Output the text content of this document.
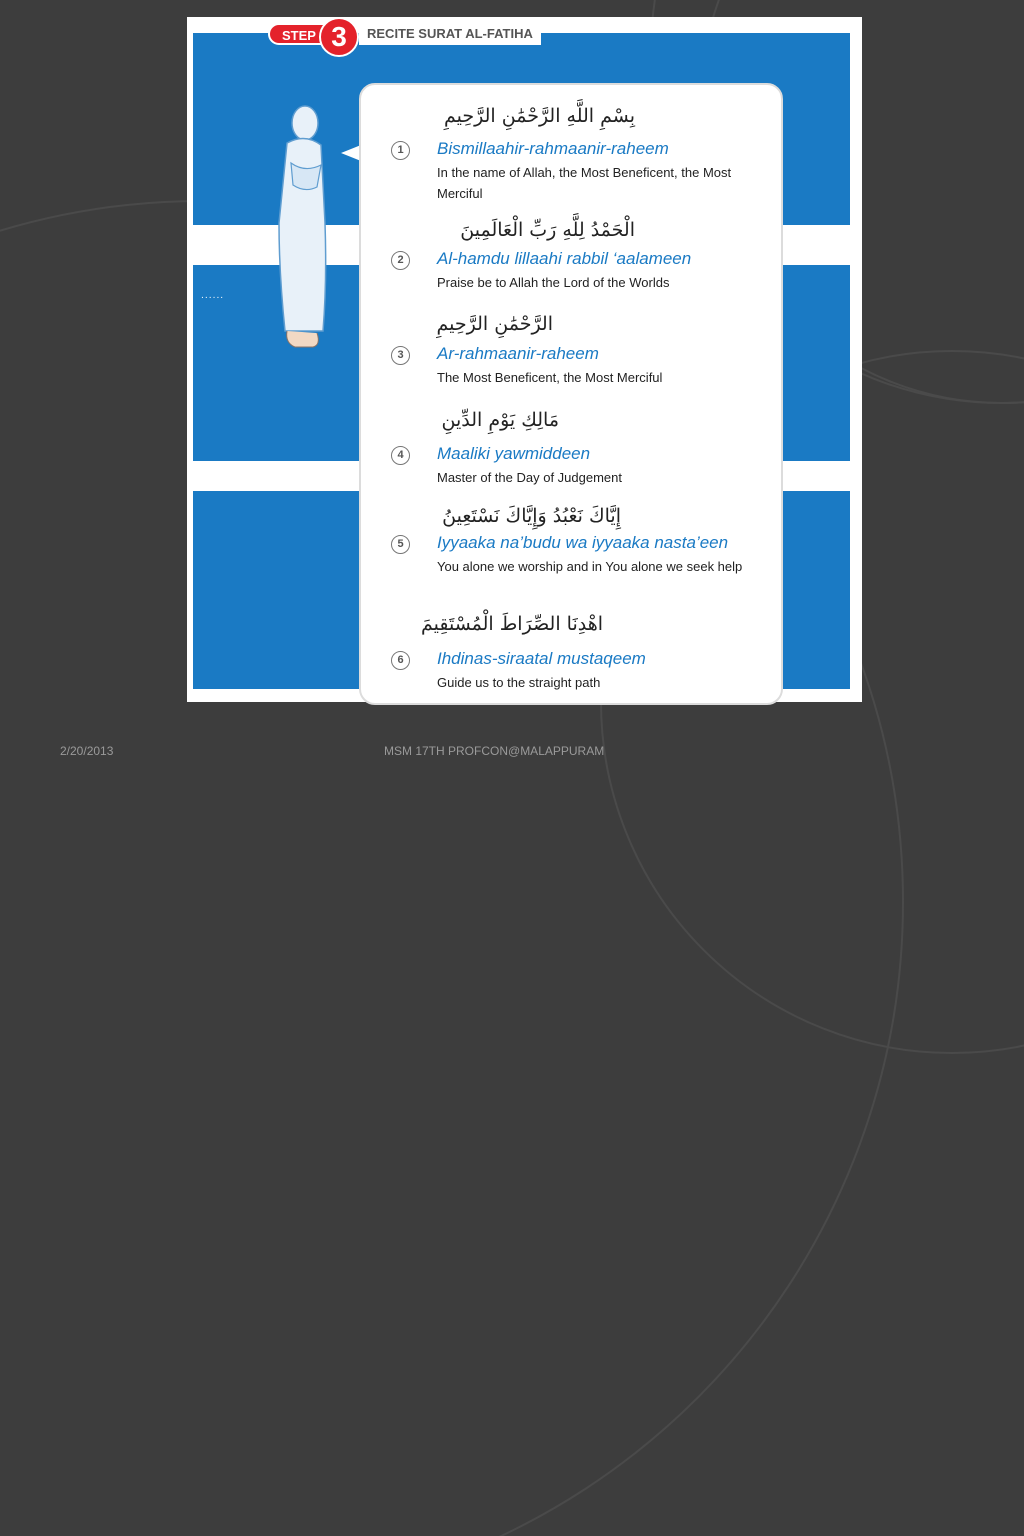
......
بِسْمِ اللَّهِ الرَّحْمَٰنِ الرَّحِيمِ
1	Bismillaahir-rahmaanir-raheem
In the name of Allah, the Most Beneficent, the Most Merciful
الْحَمْدُ لِلَّهِ رَبِّ الْعَالَمِينَ
2	Al-hamdu lillaahi rabbil ‘aalameen
Praise be to Allah the Lord of the Worlds
الرَّحْمَٰنِ الرَّحِيمِ
3	Ar-rahmaanir-raheem
The Most Beneficent, the Most Merciful
مَالِكِ يَوْمِ الدِّينِ
4	Maaliki yawmiddeen
Master of the Day of Judgement
إِيَّاكَ نَعْبُدُ وَإِيَّاكَ نَسْتَعِينُ
5	Iyyaaka na’budu wa iyyaaka nasta’een
You alone we worship and in You alone we seek help
اهْدِنَا الصِّرَاطَ الْمُسْتَقِيمَ
6	Ihdinas-siraatal mustaqeem
Guide us to the straight path
STEP 3	RECITE SURAT AL-FATIHA
2/20/2013	MSM 17TH PROFCON@MALAPPURAM
